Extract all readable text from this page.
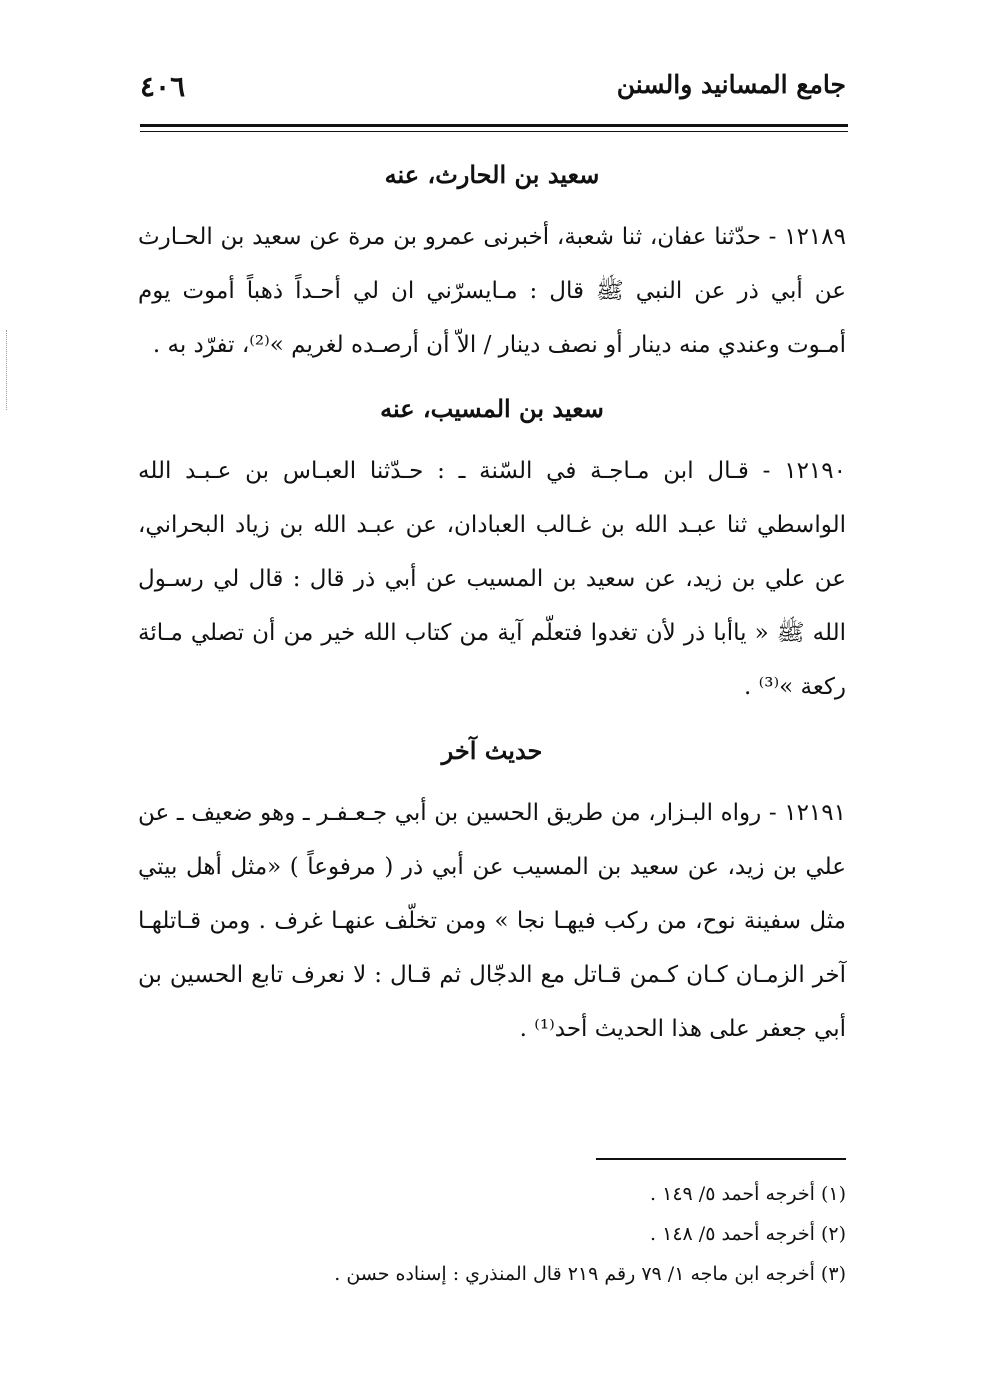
جامع المسانيد والسنن
٤٠٦
سعيد بن الحارث، عنه

١٢١٨٩ - حدّثنا عفان، ثنا شعبة، أخبرنى عمرو بن مرة عن سعيد بن الحـارث عن أبي ذر عن النبي ﷺ قال : مـايسرّني ان لي أحـداً ذهباً أموت يوم أمـوت وعندي منه دينار أو نصف دينار / الاّ أن أرصـده لغريم »⁽²⁾، تفرّد به .

سعيد بن المسيب، عنه

١٢١٩٠ - قـال ابن مـاجـة في السّنة ـ : حـدّثنا العبـاس بن عـبـد الله الواسطي ثنا عبـد الله بن غـالب العبادان، عن عبـد الله بن زياد البحراني، عن علي بن زيد، عن سعيد بن المسيب عن أبي ذر قال : قال لي رسـول الله ﷺ « ياأبا ذر لأن تغدوا فتعلّم آية من كتاب الله خير من أن تصلي مـائة ركعة »⁽³⁾ .

حديث آخر

١٢١٩١ - رواه البـزار، من طريق الحسين بن أبي جـعـفـر ـ وهو ضعيف ـ عن علي بن زيد، عن سعيد بن المسيب عن أبي ذر ( مرفوعاً ) «مثل أهل بيتي مثل سفينة نوح، من ركب فيهـا نجا » ومن تخلّف عنهـا غرف . ومن قـاتلهـا آخر الزمـان كـان كـمن قـاتل مع الدجّال ثم قـال : لا نعرف تابع الحسين بن أبي جعفر على هذا الحديث أحد⁽¹⁾ .

(١) أخرجه أحمد ٥/ ١٤٩ .
(٢) أخرجه أحمد ٥/ ١٤٨ .
(٣) أخرجه ابن ماجه ١/ ٧٩ رقم ٢١٩ قال المنذري : إسناده حسن .
